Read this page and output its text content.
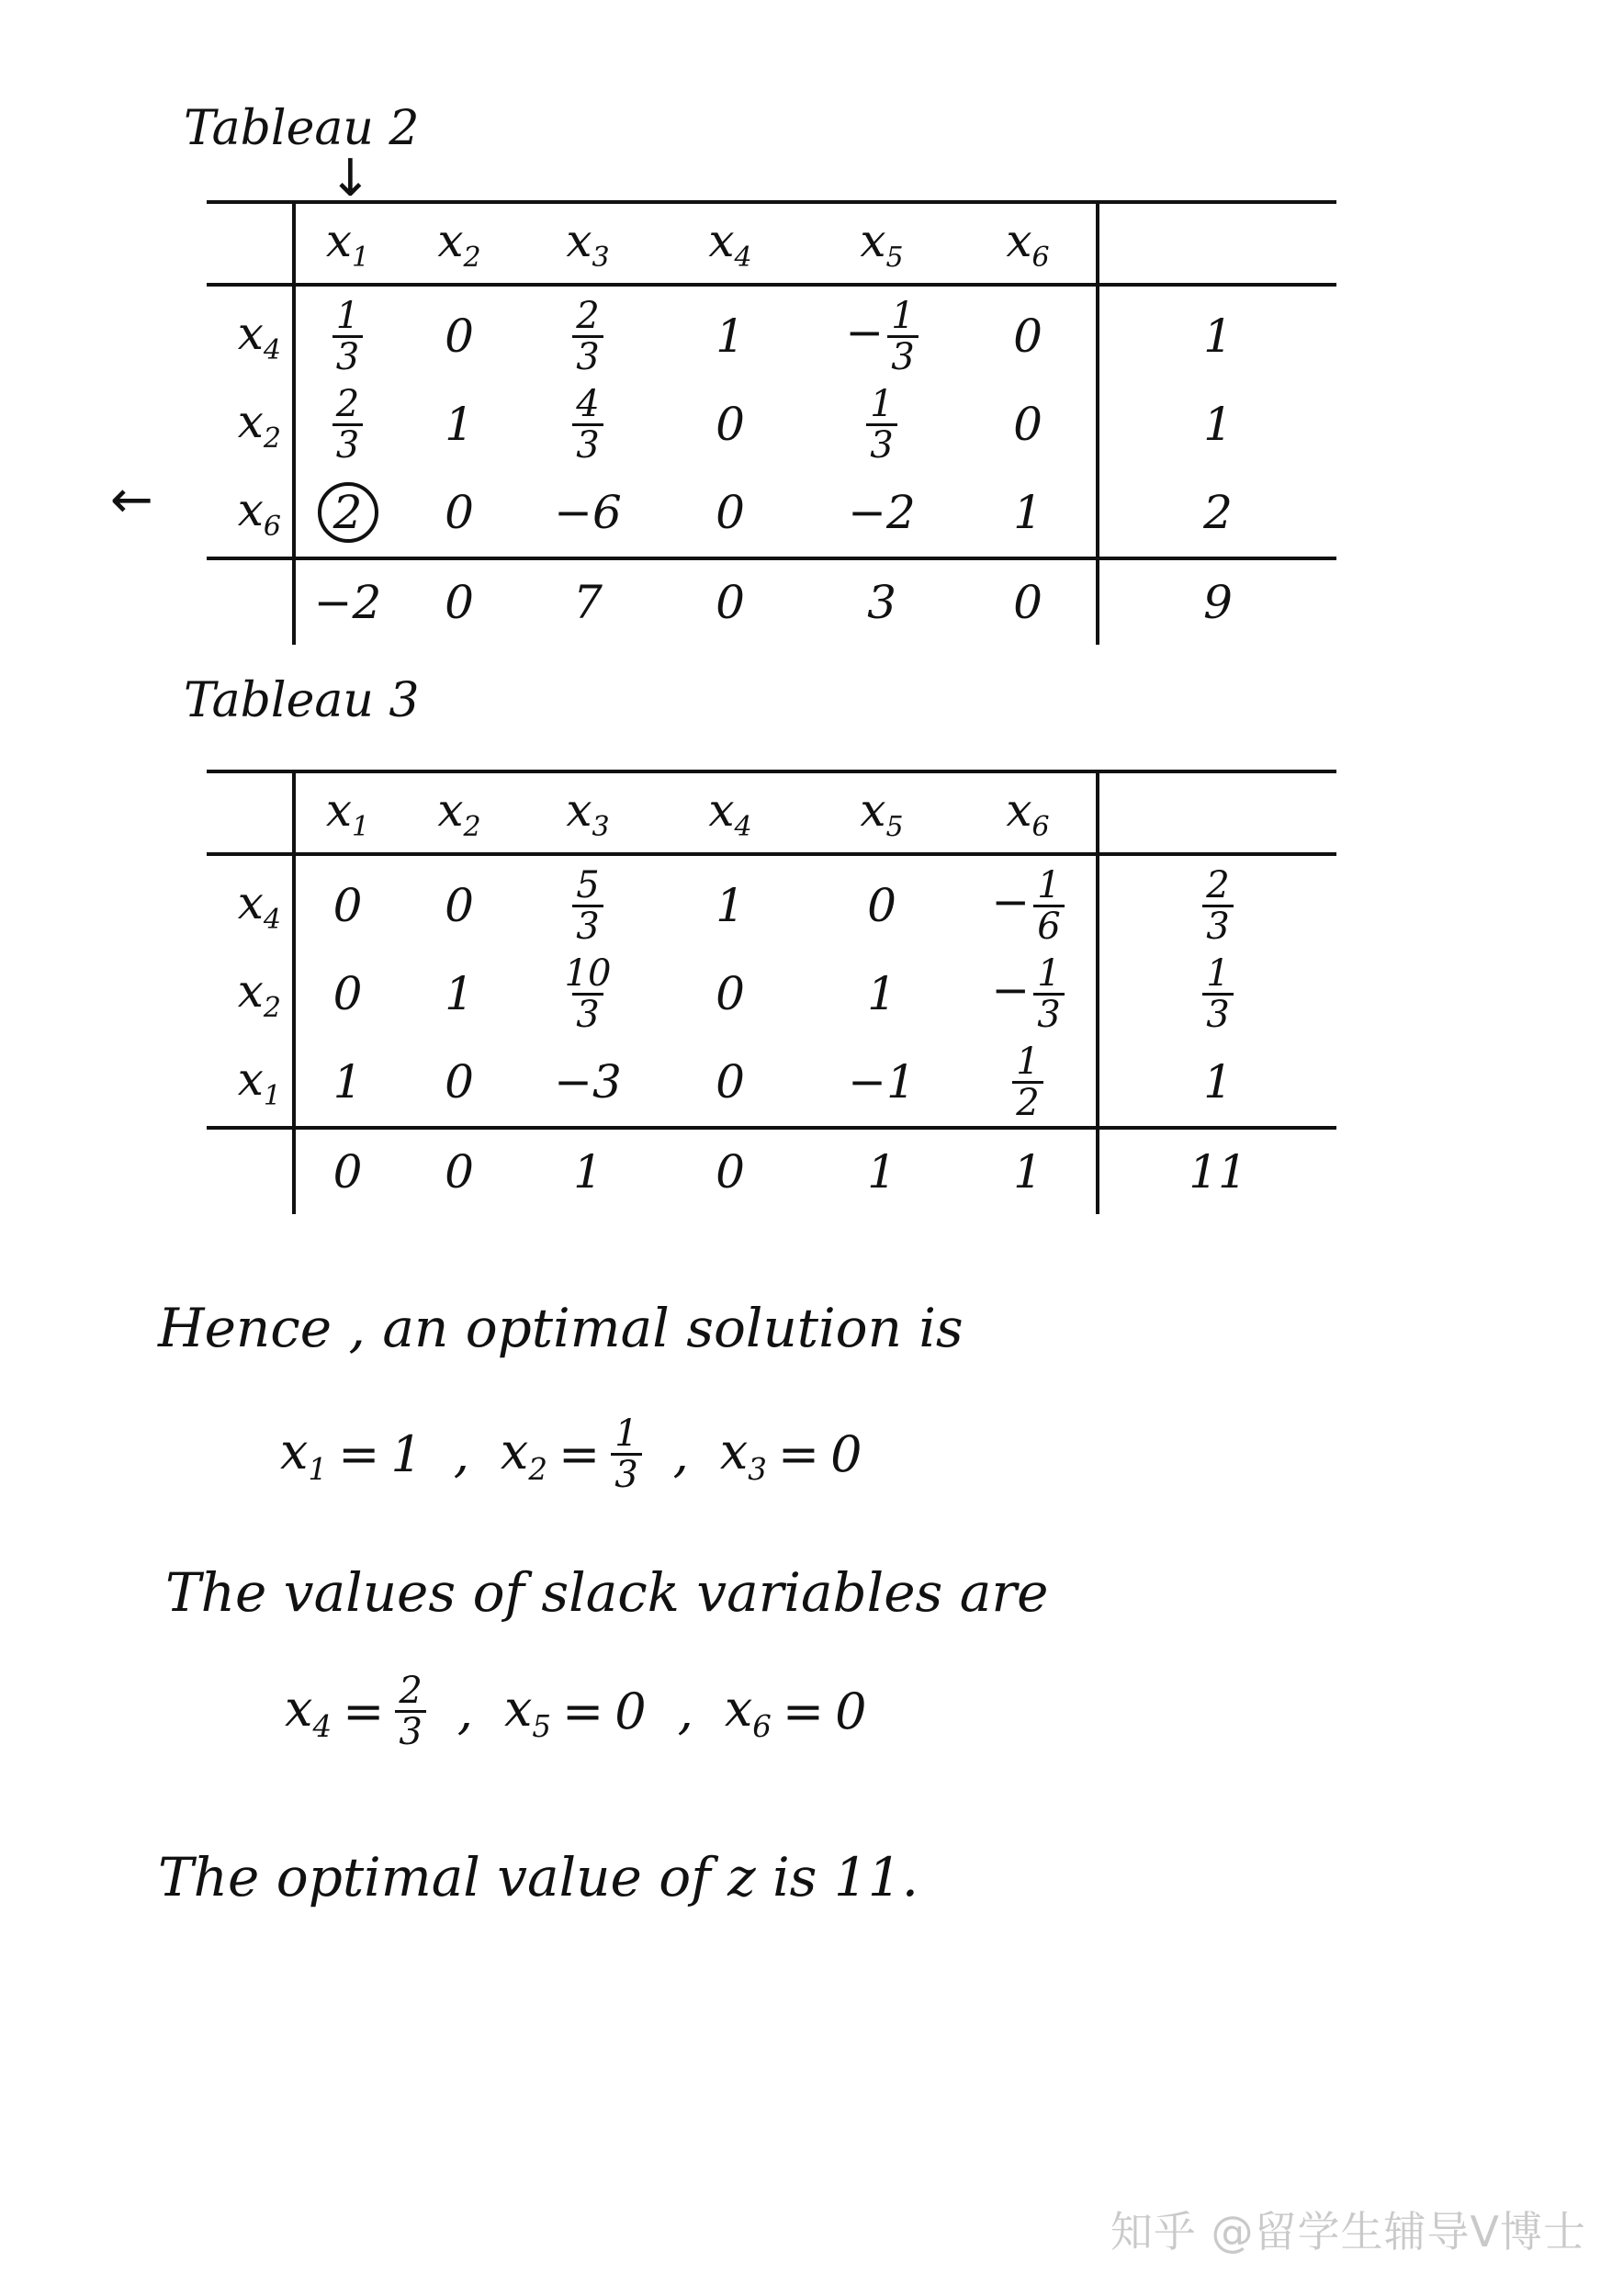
Tableau 2
↓
←
	$x_1$	$x_2$	$x_3$	$x_4$	$x_5$	$x_6$	
$x_4$	$\frac{1}{3}$	0	$\frac{2}{3}$	1	− $\frac{1}{3}$	0	1
$x_2$	$\frac{2}{3}$	1	$\frac{4}{3}$	0	$\frac{1}{3}$	0	1
$x_6$	2	0	−6	0	−2	1	2
	−2	0	7	0	3	0	9
Tableau 3
	$x_1$	$x_2$	$x_3$	$x_4$	$x_5$	$x_6$	
$x_4$	0	0	$\frac{5}{3}$	1	0	− $\frac{1}{6}$	$\frac{2}{3}$

$x_2$	0	1	$\frac{10}{3}$	0	1	− $\frac{1}{3}$	$\frac{1}{3}$

$x_1$	1	0	−3	0	−1	$\frac{1}{2}$	1
	0	0	1	0	1	1	11
Hence , an optimal solution is
$x_1 = 1$ , $x_2 = \frac{1}{3}$ , $x_3 = 0$
The values of slack variables are
$x_4 = \frac{2}{3}$ , $x_5 = 0$ , $x_6 = 0$
The optimal value of z is 11.
知乎 @留学生辅导V博士
